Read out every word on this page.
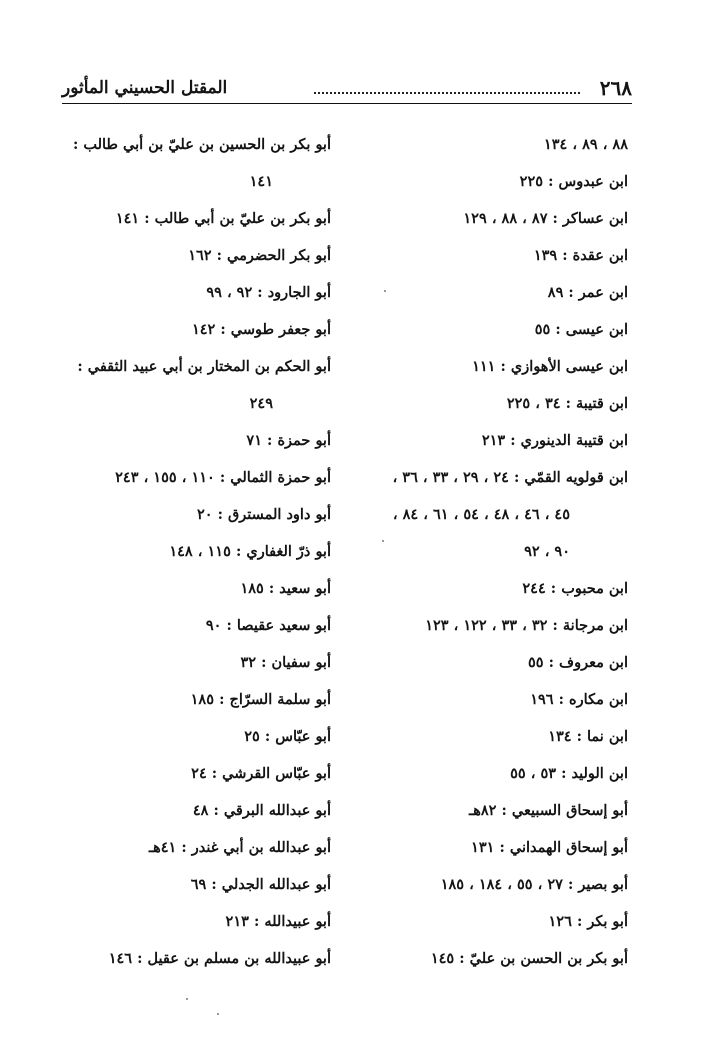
٢٦٨
المقتل الحسيني المأثور
٨٨ ، ٨٩ ، ١٣٤
ابن عبدوس : ٢٢٥
ابن عساكر : ٨٧ ، ٨٨ ، ١٢٩
ابن عقدة : ١٣٩
ابن عمر : ٨٩
ابن عيسى : ٥٥
ابن عيسى الأهوازي : ١١١
ابن قتيبة : ٣٤ ، ٢٢٥
ابن قتيبة الدينوري : ٢١٣
ابن قولويه القمّي : ٢٤ ، ٢٩ ، ٣٣ ، ٣٦ ،
٤٥ ، ٤٦ ، ٤٨ ، ٥٤ ، ٦١ ، ٨٤ ،
٩٠ ، ٩٢
ابن محبوب : ٢٤٤
ابن مرجانة : ٣٢ ، ٣٣ ، ١٢٢ ، ١٢٣
ابن معروف : ٥٥
ابن مكاره : ١٩٦
ابن نما : ١٣٤
ابن الوليد : ٥٣ ، ٥٥
أبو إسحاق السبيعي : ٨٢هـ
أبو إسحاق الهمداني : ١٣١
أبو بصير : ٢٧ ، ٥٥ ، ١٨٤ ، ١٨٥
أبو بكر : ١٢٦
أبو بكر بن الحسن بن عليّ : ١٤٥
أبو بكر بن الحسين بن عليّ بن أبي طالب :
١٤١
أبو بكر بن عليّ بن أبي طالب : ١٤١
أبو بكر الحضرمي : ١٦٢
أبو الجارود : ٩٢ ، ٩٩
أبو جعفر طوسي : ١٤٢
أبو الحكم بن المختار بن أبي عبيد الثقفي :
٢٤٩
أبو حمزة : ٧١
أبو حمزة الثمالي : ١١٠ ، ١٥٥ ، ٢٤٣
أبو داود المسترق : ٢٠
أبو ذرّ الغفاري : ١١٥ ، ١٤٨
أبو سعيد : ١٨٥
أبو سعيد عقيصا : ٩٠
أبو سفيان : ٣٢
أبو سلمة السرّاج : ١٨٥
أبو عبّاس : ٢٥
أبو عبّاس القرشي : ٢٤
أبو عبدالله البرقي : ٤٨
أبو عبدالله بن أبي غندر : ٤١هـ
أبو عبدالله الجدلي : ٦٩
أبو عبيدالله : ٢١٣
أبو عبيدالله بن مسلم بن عقيل : ١٤٦
